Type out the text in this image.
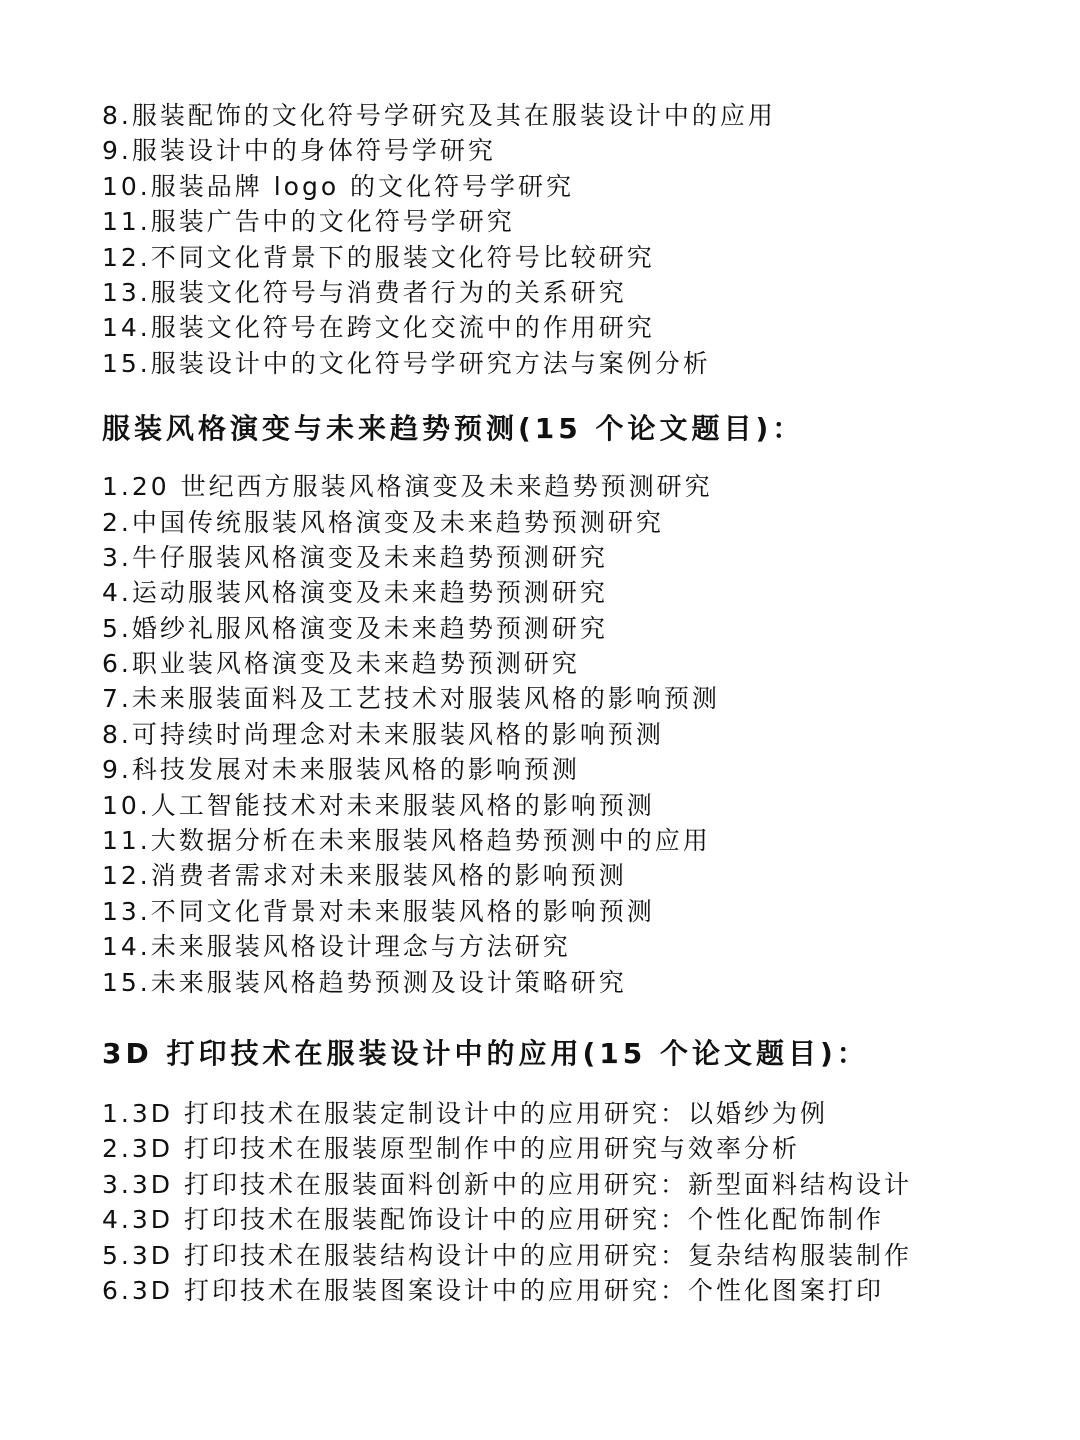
8.服装配饰的文化符号学研究及其在服装设计中的应用
9.服装设计中的身体符号学研究
10.服装品牌 logo 的文化符号学研究
11.服装广告中的文化符号学研究
12.不同文化背景下的服装文化符号比较研究
13.服装文化符号与消费者行为的关系研究
14.服装文化符号在跨文化交流中的作用研究
15.服装设计中的文化符号学研究方法与案例分析
服装风格演变与未来趋势预测(15 个论文题目)：
1.20 世纪西方服装风格演变及未来趋势预测研究
2.中国传统服装风格演变及未来趋势预测研究
3.牛仔服装风格演变及未来趋势预测研究
4.运动服装风格演变及未来趋势预测研究
5.婚纱礼服风格演变及未来趋势预测研究
6.职业装风格演变及未来趋势预测研究
7.未来服装面料及工艺技术对服装风格的影响预测
8.可持续时尚理念对未来服装风格的影响预测
9.科技发展对未来服装风格的影响预测
10.人工智能技术对未来服装风格的影响预测
11.大数据分析在未来服装风格趋势预测中的应用
12.消费者需求对未来服装风格的影响预测
13.不同文化背景对未来服装风格的影响预测
14.未来服装风格设计理念与方法研究
15.未来服装风格趋势预测及设计策略研究
3D 打印技术在服装设计中的应用(15 个论文题目)：
1.3D 打印技术在服装定制设计中的应用研究：以婚纱为例
2.3D 打印技术在服装原型制作中的应用研究与效率分析
3.3D 打印技术在服装面料创新中的应用研究：新型面料结构设计
4.3D 打印技术在服装配饰设计中的应用研究：个性化配饰制作
5.3D 打印技术在服装结构设计中的应用研究：复杂结构服装制作
6.3D 打印技术在服装图案设计中的应用研究：个性化图案打印
